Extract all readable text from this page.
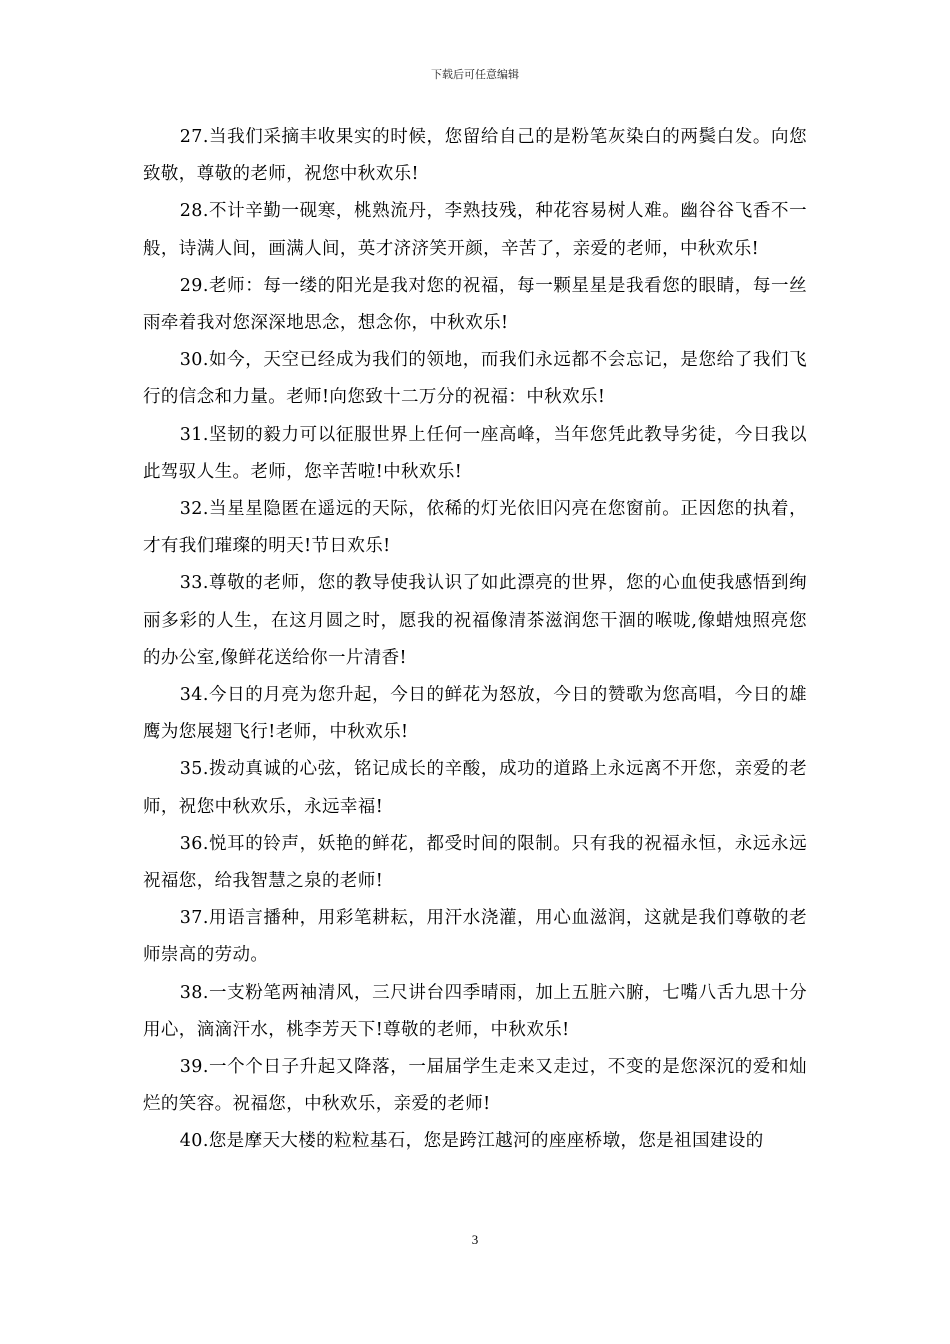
下载后可任意编辑

27.当我们采摘丰收果实的时候，您留给自己的是粉笔灰染白的两鬓白发。向您致敬，尊敬的老师，祝您中秋欢乐!

28.不计辛勤一砚寒，桃熟流丹，李熟技残，种花容易树人难。幽谷谷飞香不一般，诗满人间，画满人间，英才济济笑开颜，辛苦了，亲爱的老师，中秋欢乐!

29.老师：每一缕的阳光是我对您的祝福，每一颗星星是我看您的眼睛，每一丝雨牵着我对您深深地思念，想念你，中秋欢乐!

30.如今，天空已经成为我们的领地，而我们永远都不会忘记，是您给了我们飞行的信念和力量。老师!向您致十二万分的祝福：中秋欢乐!

31.坚韧的毅力可以征服世界上任何一座高峰，当年您凭此教导劣徒，今日我以此驾驭人生。老师，您辛苦啦!中秋欢乐!

32.当星星隐匿在遥远的天际，依稀的灯光依旧闪亮在您窗前。正因您的执着，才有我们璀璨的明天!节日欢乐!

33.尊敬的老师，您的教导使我认识了如此漂亮的世界，您的心血使我感悟到绚丽多彩的人生，在这月圆之时，愿我的祝福像清茶滋润您干涸的喉咙,像蜡烛照亮您的办公室,像鲜花送给你一片清香!

34.今日的月亮为您升起，今日的鲜花为怒放，今日的赞歌为您高唱，今日的雄鹰为您展翅飞行!老师，中秋欢乐!

35.拨动真诚的心弦，铭记成长的辛酸，成功的道路上永远离不开您，亲爱的老师，祝您中秋欢乐，永远幸福!

36.悦耳的铃声，妖艳的鲜花，都受时间的限制。只有我的祝福永恒，永远永远祝福您，给我智慧之泉的老师!

37.用语言播种，用彩笔耕耘，用汗水浇灌，用心血滋润，这就是我们尊敬的老师崇高的劳动。

38.一支粉笔两袖清风，三尺讲台四季晴雨，加上五脏六腑，七嘴八舌九思十分用心，滴滴汗水，桃李芳天下!尊敬的老师，中秋欢乐!

39.一个个日子升起又降落，一届届学生走来又走过，不变的是您深沉的爱和灿烂的笑容。祝福您，中秋欢乐，亲爱的老师!

40.您是摩天大楼的粒粒基石，您是跨江越河的座座桥墩，您是祖国建设的

3
